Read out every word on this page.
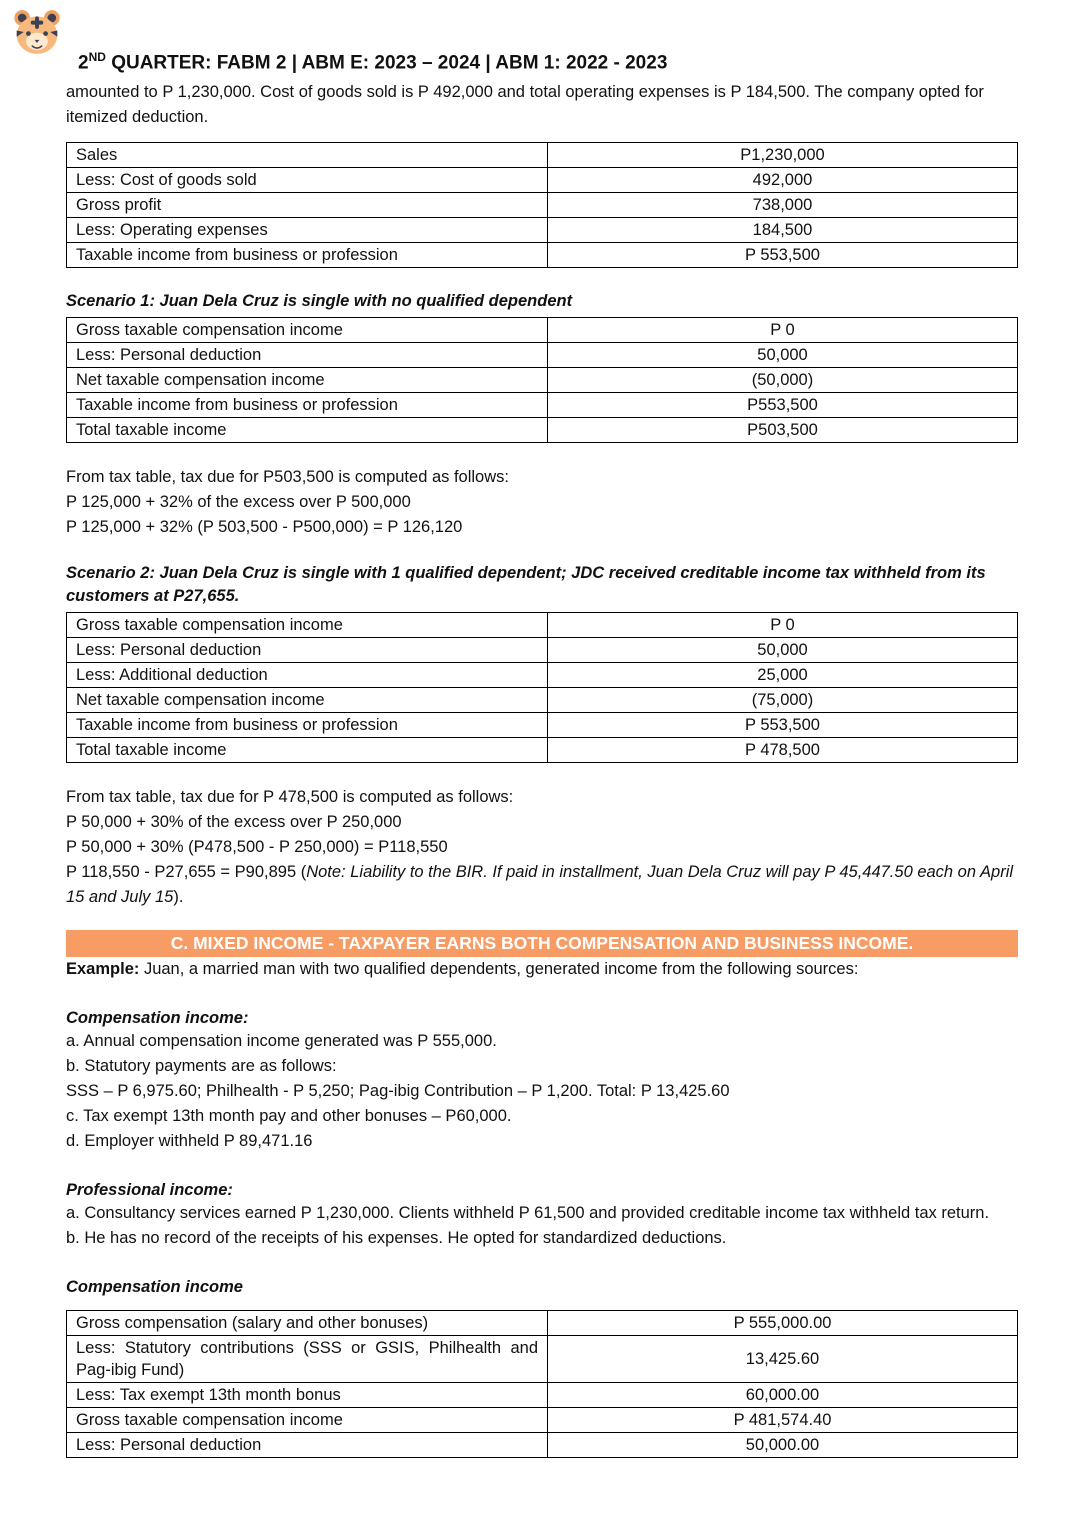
2ND QUARTER: FABM 2 | ABM E: 2023 – 2024 | ABM 1: 2022 - 2023

amounted to P 1,230,000. Cost of goods sold is P 492,000 and total operating expenses is P 184,500. The company opted for itemized deduction.

Sales	P1,230,000
Less: Cost of goods sold	492,000
Gross profit	738,000
Less: Operating expenses	184,500
Taxable income from business or profession	P 553,500
Scenario 1: Juan Dela Cruz is single with no qualified dependent
Gross taxable compensation income	P 0
Less: Personal deduction	50,000
Net taxable compensation income	(50,000)
Taxable income from business or profession	P553,500
Total taxable income	P503,500

From tax table, tax due for P503,500 is computed as follows:

P 125,000 + 32% of the excess over P 500,000

P 125,000 + 32% (P 503,500 - P500,000) = P 126,120

Scenario 2: Juan Dela Cruz is single with 1 qualified dependent; JDC received creditable income tax withheld from its customers at P27,655.
Gross taxable compensation income	P 0
Less: Personal deduction	50,000
Less: Additional deduction	25,000
Net taxable compensation income	(75,000)
Taxable income from business or profession	P 553,500
Total taxable income	P 478,500

From tax table, tax due for P 478,500 is computed as follows:

P 50,000 + 30% of the excess over P 250,000

P 50,000 + 30% (P478,500 - P 250,000) = P118,550

P 118,550 - P27,655 = P90,895 (Note: Liability to the BIR. If paid in installment, Juan Dela Cruz will pay P 45,447.50 each on April 15 and July 15).

C. MIXED INCOME - TAXPAYER EARNS BOTH COMPENSATION AND BUSINESS INCOME.

Example: Juan, a married man with two qualified dependents, generated income from the following sources:

Compensation income:

a. Annual compensation income generated was P 555,000.

b. Statutory payments are as follows:

SSS – P 6,975.60; Philhealth - P 5,250; Pag-ibig Contribution – P 1,200. Total: P 13,425.60

c. Tax exempt 13th month pay and other bonuses – P60,000.

d. Employer withheld P 89,471.16

Professional income:

a. Consultancy services earned P 1,230,000. Clients withheld P 61,500 and provided creditable income tax withheld tax return.

b. He has no record of the receipts of his expenses. He opted for standardized deductions.

Compensation income
Gross compensation (salary and other bonuses)	P 555,000.00
Less: Statutory contributions (SSS or GSIS, Philhealth and Pag-ibig Fund)	13,425.60
Less: Tax exempt 13th month bonus	60,000.00
Gross taxable compensation income	P 481,574.40
Less: Personal deduction	50,000.00
